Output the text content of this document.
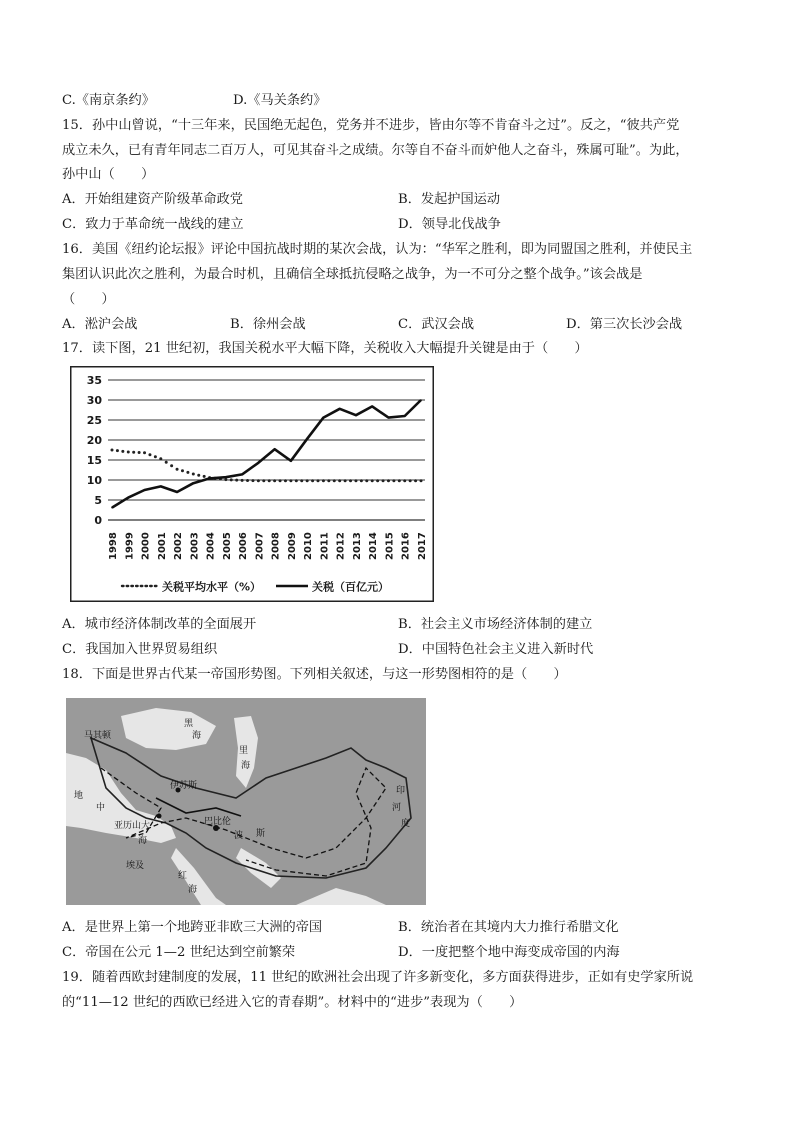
C.《南京条约》	D.《马关条约》
15．孙中山曾说，“十三年来，民国绝无起色，党务并不进步，皆由尔等不肯奋斗之过”。反之，“彼共产党
成立未久，已有青年同志二百万人，可见其奋斗之成绩。尔等自不奋斗而妒他人之奋斗，殊属可耻”。为此，
孙中山（　　）
A．开始组建资产阶级革命政党	B．发起护国运动
C．致力于革命统一战线的建立	D．领导北伐战争
16．美国《纽约论坛报》评论中国抗战时期的某次会战，认为：“华军之胜利，即为同盟国之胜利，并使民主
集团认识此次之胜利，为最合时机，且确信全球抵抗侵略之战争，为一不可分之整个战争。”该会战是
（　　）
A．淞沪会战	B．徐州会战	C．武汉会战	D．第三次长沙会战
17．读下图，21 世纪初，我国关税水平大幅下降，关税收入大幅提升关键是由于（　　）
0
5
10
15
20
25
30
35
1998 1999 2000 2001 2002 2003 2004 2005 2006 2007 2008 2009 2010 2011 2012 2013 2014 2015 2016 2017
关税平均水平（%）	关税（百亿元）
A．城市经济体制改革的全面展开	B．社会主义市场经济体制的建立
C．我国加入世界贸易组织	D．中国特色社会主义进入新时代
18．下面是世界古代某一帝国形势图。下列相关叙述，与这一形势图相符的是（　　）
马其顿
黑
海
地
里
海
中
伊苏斯
亚历山大	巴比伦
波 斯
海
埃及
红
海
印
河
度
A．是世界上第一个地跨亚非欧三大洲的帝国	B．统治者在其境内大力推行希腊文化
C．帝国在公元 1—2 世纪达到空前繁荣	D．一度把整个地中海变成帝国的内海
19．随着西欧封建制度的发展，11 世纪的欧洲社会出现了许多新变化，多方面获得进步，正如有史学家所说
的“11—12 世纪的西欧已经进入它的青春期”。材料中的“进步”表现为（　　）
